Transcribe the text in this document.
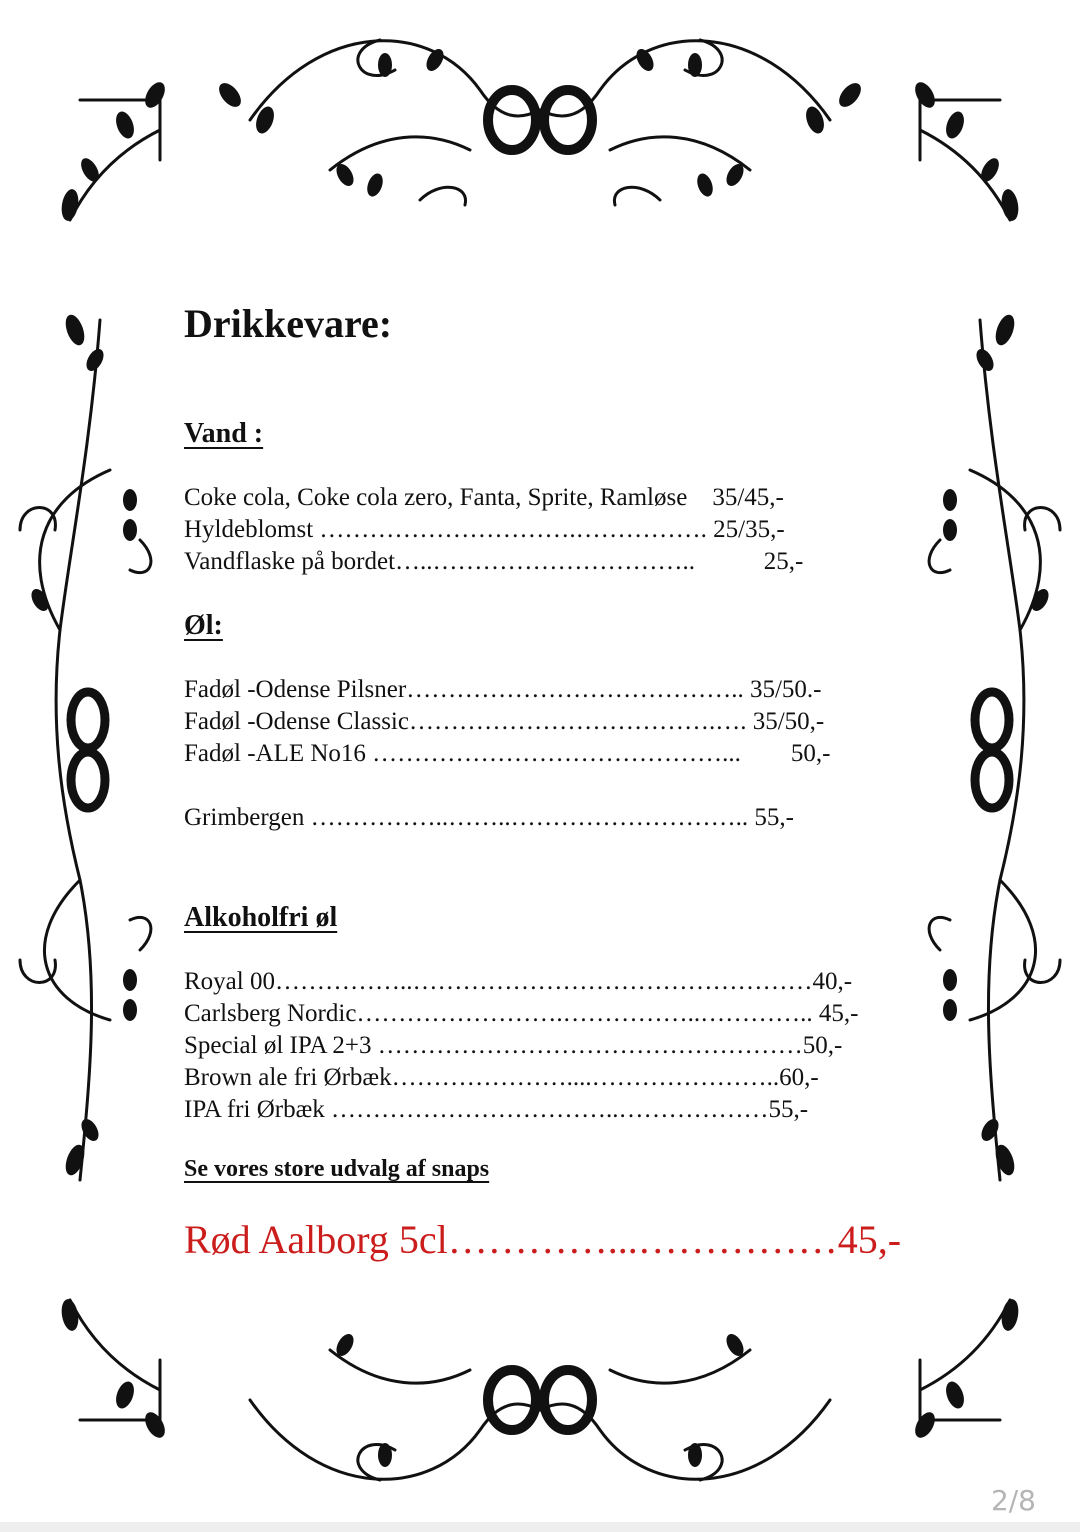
Drikkevare:
Vand :

Coke cola, Coke cola zero, Fanta, Sprite, Ramløse    35/45,-

Hyldeblomst ………………………….……………. 25/35,-

Vandflaske på bordet…..…………………………..           25,-

Øl:

Fadøl -Odense Pilsner………………………………….. 35/50.-

Fadøl -Odense Classic……………………………….…. 35/50,-

Fadøl -ALE No16 ……………………………………...        50,-

Grimbergen ……………..……..……………………….. 55,-

Alkoholfri øl

Royal 00……………..…………………………………………40,-

Carlsberg Nordic…………………….……………..………….. 45,-

Special øl IPA 2+3 ……………………………………………50,-

Brown ale fri Ørbæk…………………....…………………..60,-

IPA fri Ørbæk ……………………………..………………55,-

Se vores store udvalg af snaps

Rød Aalborg 5cl…………...……………45,-

2/8
